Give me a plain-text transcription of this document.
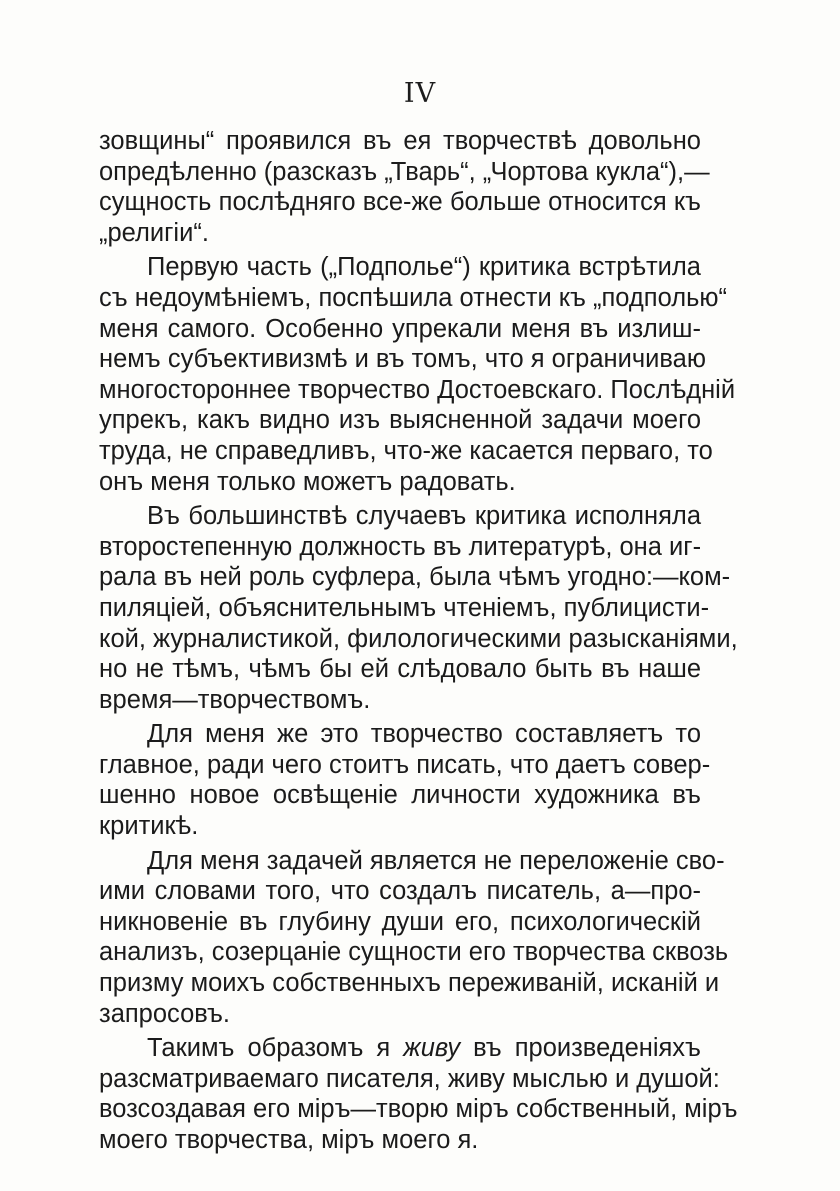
IV
зовщины“ проявился въ ея творчествѣ довольно
опредѣленно (разсказъ „Тварь“, „Чортова кукла“),—
сущность послѣдняго все-же больше относится къ
„религіи“.
Первую часть („Подполье“) критика встрѣтила
съ недоумѣніемъ, поспѣшила отнести къ „подполью“
меня самого. Особенно упрекали меня въ излиш-
немъ субъективизмѣ и въ томъ, что я ограничиваю
многостороннее творчество Достоевскаго. Послѣдній
упрекъ, какъ видно изъ выясненной задачи моего
труда, не справедливъ, что-же касается перваго, то
онъ меня только можетъ радовать.
Въ большинствѣ случаевъ критика исполняла
второстепенную должность въ литературѣ, она иг-
рала въ ней роль суфлера, была чѣмъ угодно:—ком-
пиляціей, объяснительнымъ чтеніемъ, публицисти-
кой, журналистикой, филологическими разысканіями,
но не тѣмъ, чѣмъ бы ей слѣдовало быть въ наше
время—творчествомъ.
Для меня же это творчество составляетъ то
главное, ради чего стоитъ писать, что даетъ совер-
шенно новое освѣщеніе личности художника въ
критикѣ.
Для меня задачей является не переложеніе сво-
ими словами того, что создалъ писатель, а—про-
никновеніе въ глубину души его, психологическій
анализъ, созерцаніе сущности его творчества сквозь
призму моихъ собственныхъ переживаній, исканій и
запросовъ.
Такимъ образомъ я живу въ произведеніяхъ
разсматриваемаго писателя, живу мыслью и душой:
возсоздавая его міръ—творю міръ собственный, міръ
моего творчества, міръ моего я.
